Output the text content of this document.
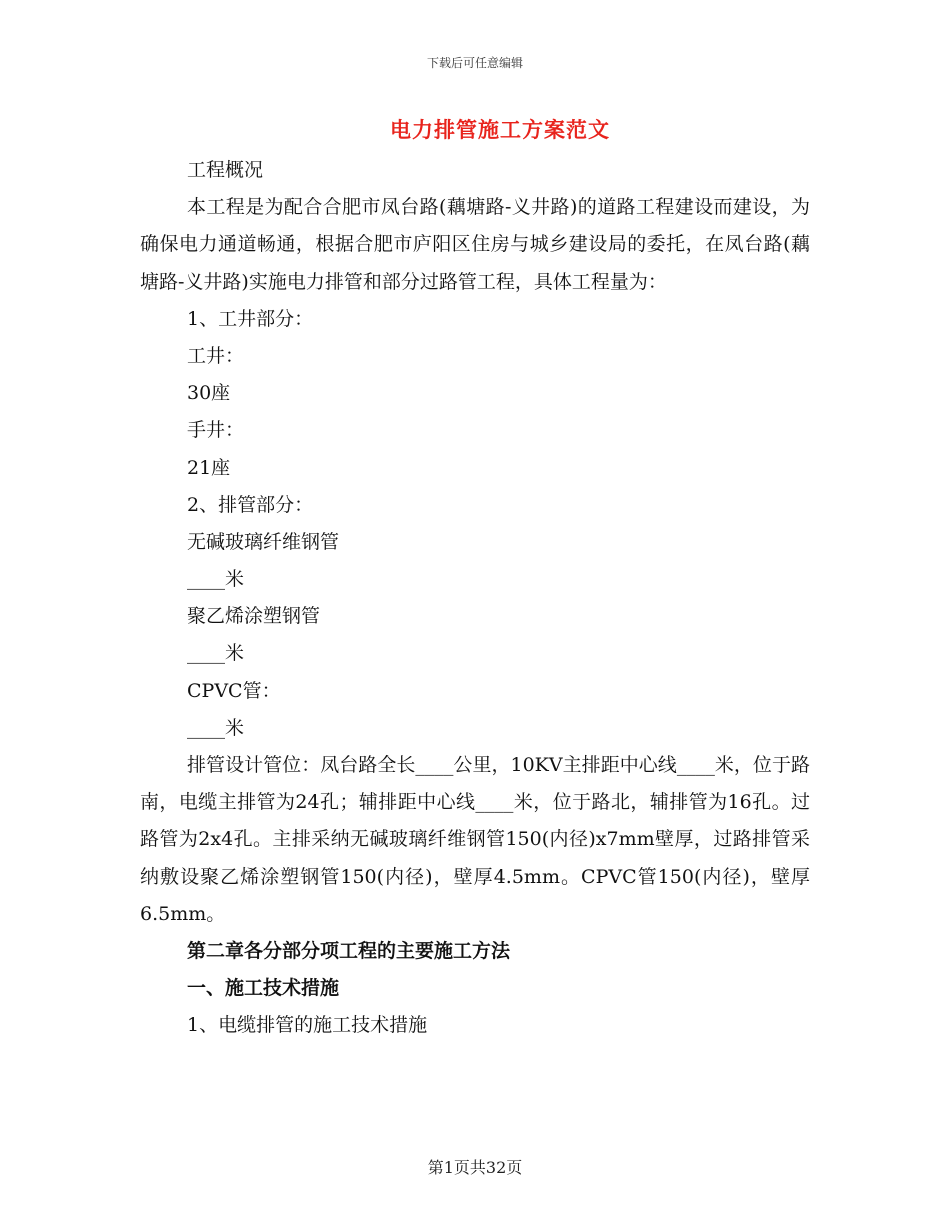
下载后可任意编辑
电力排管施工方案范文
工程概况

本工程是为配合合肥市凤台路(藕塘路-义井路)的道路工程建设而建设，为确保电力通道畅通，根据合肥市庐阳区住房与城乡建设局的委托，在凤台路(藕塘路-义井路)实施电力排管和部分过路管工程，具体工程量为：

1、工井部分：
工井：
30座
手井：
21座
2、排管部分：
无碱玻璃纤维钢管
____米
聚乙烯涂塑钢管
____米
CPVC管：
____米

排管设计管位：凤台路全长____公里，10KV主排距中心线____米，位于路南，电缆主排管为24孔；辅排距中心线____米，位于路北，辅排管为16孔。过路管为2x4孔。主排采纳无碱玻璃纤维钢管150(内径)x7mm壁厚，过路排管采纳敷设聚乙烯涂塑钢管150(内径)，壁厚4.5mm。CPVC管150(内径)，壁厚6.5mm。

第二章各分部分项工程的主要施工方法
一、施工技术措施
1、电缆排管的施工技术措施
第1页共32页
